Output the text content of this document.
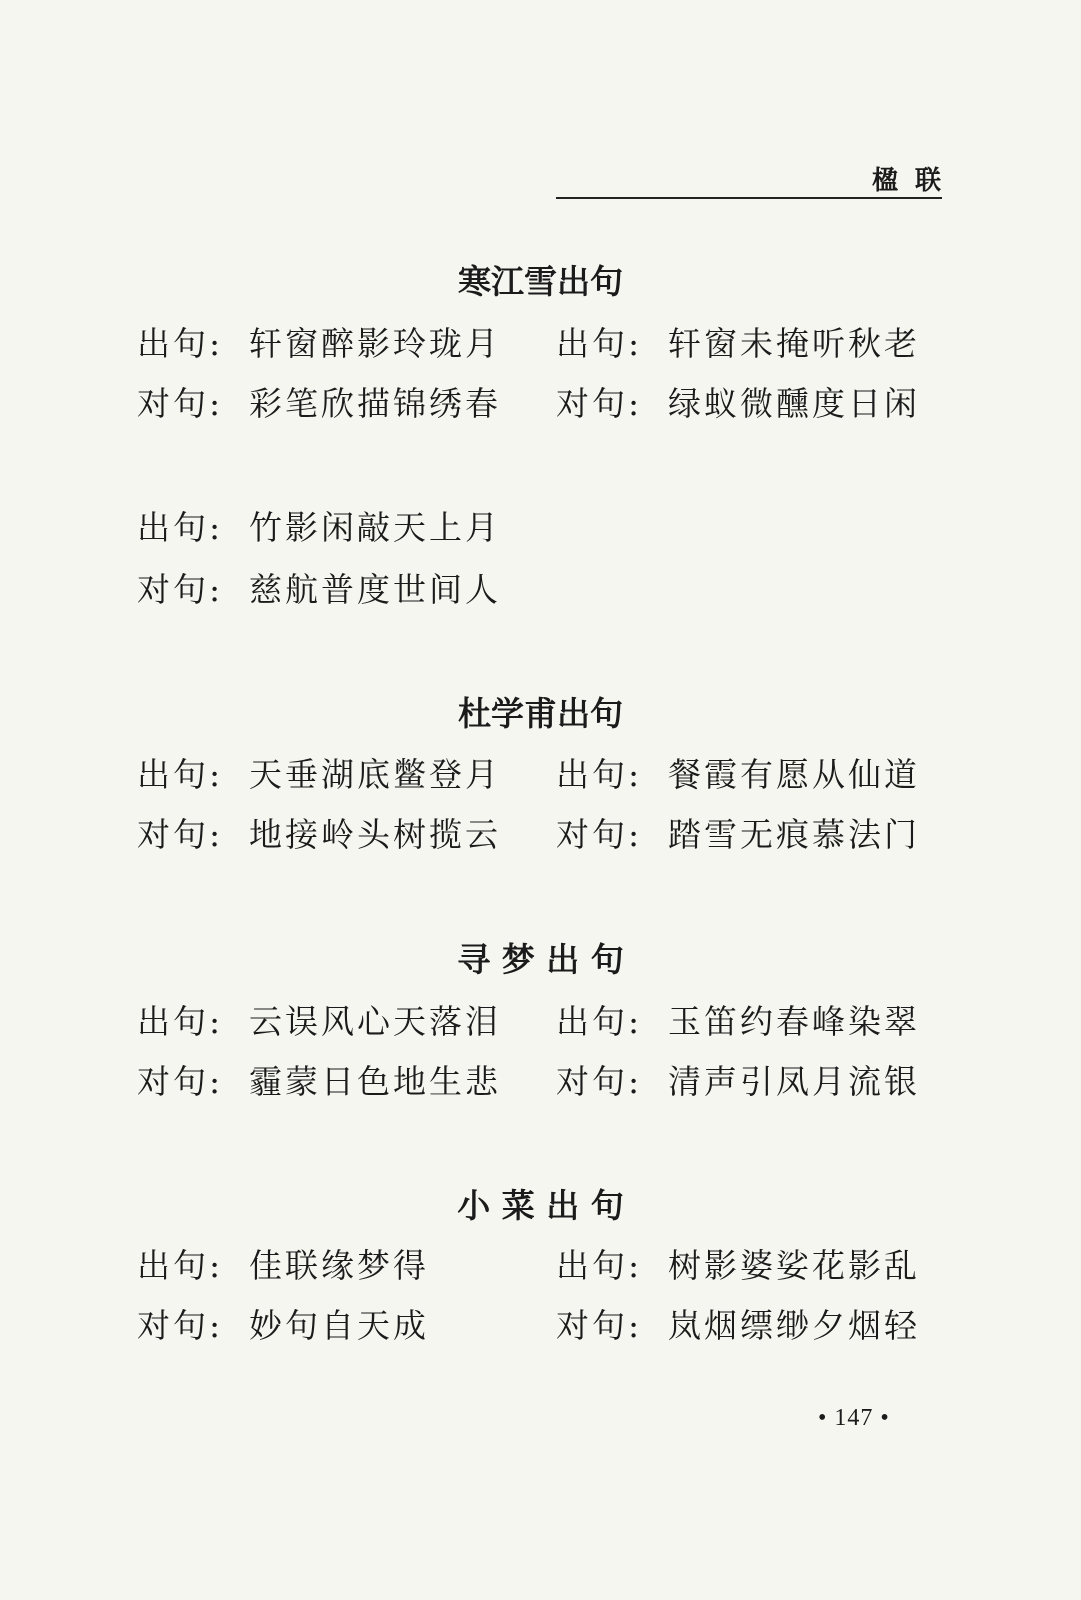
楹 联
寒江雪出句
出句: 轩窗醉影玲珑月
对句: 彩笔欣描锦绣春
出句: 轩窗未掩听秋老
对句: 绿蚁微醺度日闲
出句: 竹影闲敲天上月
对句: 慈航普度世间人
杜学甫出句
出句: 天垂湖底鳖登月
对句: 地接岭头树揽云
出句: 餐霞有愿从仙道
对句: 踏雪无痕慕法门
寻 梦 出 句
出句: 云误风心天落泪
对句: 霾蒙日色地生悲
出句: 玉笛约春峰染翠
对句: 清声引凤月流银
小 菜 出 句
出句: 佳联缘梦得
对句: 妙句自天成
出句: 树影婆娑花影乱
对句: 岚烟缥缈夕烟轻
• 147 •
